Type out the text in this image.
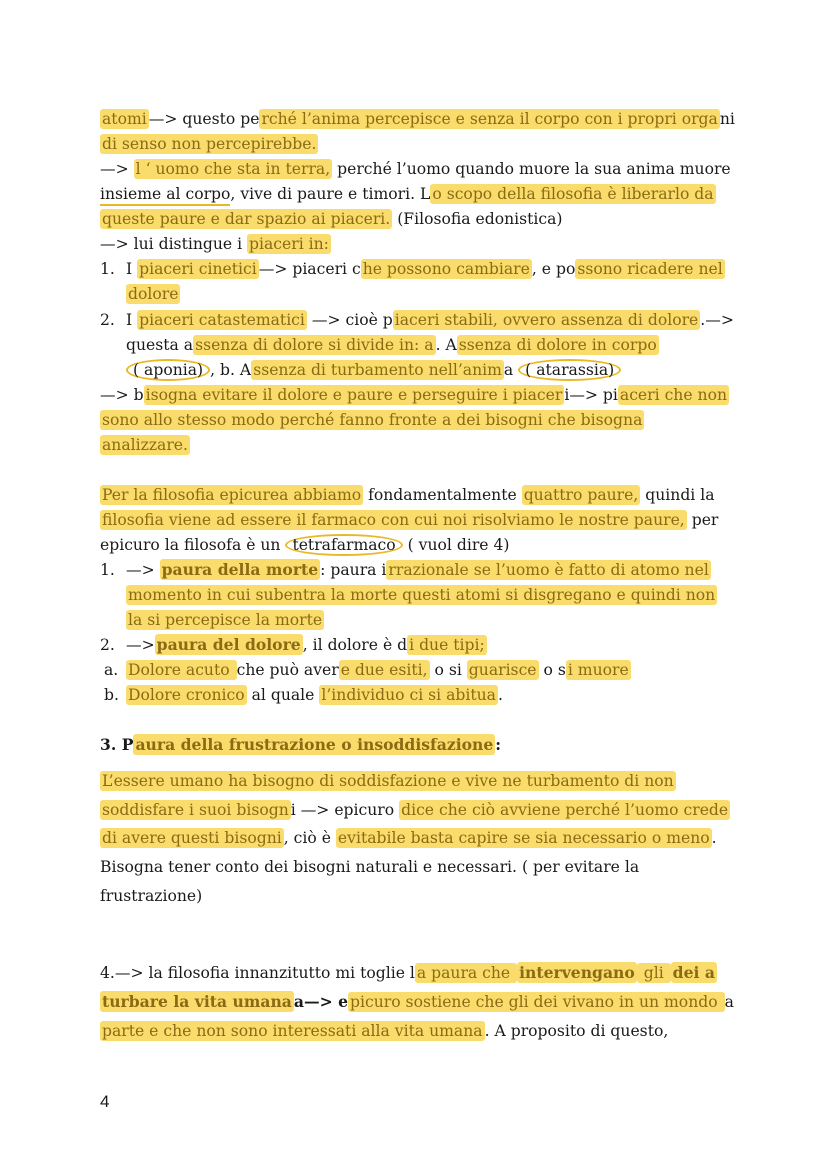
atomi —> questo pe rché l’anima percepisce e senza il corpo con i propri orga ni
di senso non percepirebbe.
—> l ‘ uomo che sta in terra, perché l’uomo quando muore la sua anima muore
insieme al corpo, vive di paure e timori. L o scopo della filosofia è liberarlo da
queste paure e dar spazio ai piaceri. (Filosofia edonistica)
—> lui distingue i piaceri in:
1. I piaceri cinetici —> piaceri c he possono cambiare , e po ssono ricadere nel
dolore
2. I piaceri catastematici —> cioè p iaceri stabili, ovvero assenza di dolore .—>
questa a ssenza di dolore si divide in: a . A ssenza di dolore in corpo
( aponia) , b. A ssenza di turbamento nell’anim a ( atarassia)
—> b isogna evitare il dolore e paure e perseguire i piacer i—> pi aceri che non
sono allo stesso modo perché fanno fronte a dei bisogni che bisogna
analizzare.
Per la filosofia epicurea abbiamo fondamentalmente quattro paure, quindi la
filosofia viene ad essere il farmaco con cui noi risolviamo le nostre paure, per
epicuro la filosofa è un tetrafarmaco ( vuol dire 4)
1. —> paura della morte : paura i rrazionale se l’uomo è fatto di atomo nel
momento in cui subentra la morte questi atomi si disgregano e quindi non
la si percepisce la morte
2. —> paura del dolore , il dolore è d i due tipi;
a. Dolore acuto che può aver e due esiti, o si guarisce o s i muore
b. Dolore cronico al quale l’individuo ci si abitua .
3. P aura della frustrazione o insoddisfazione :
L’essere umano ha bisogno di soddisfazione e vive ne turbamento di non
soddisfare i suoi bisogn i —> epicuro dice che ciò avviene perché l’uomo crede
di avere questi bisogni , ciò è evitabile basta capire se sia necessario o meno .
Bisogna tener conto dei bisogni naturali e necessari. ( per evitare la
frustrazione)
4.—> la filosofia innanzitutto mi toglie l a paura che intervengano gli dei a
turbare la vita umana a—> e picuro sostiene che gli dei vivano in un mondo a
parte e che non sono interessati alla vita umana . A proposito di questo,
4
